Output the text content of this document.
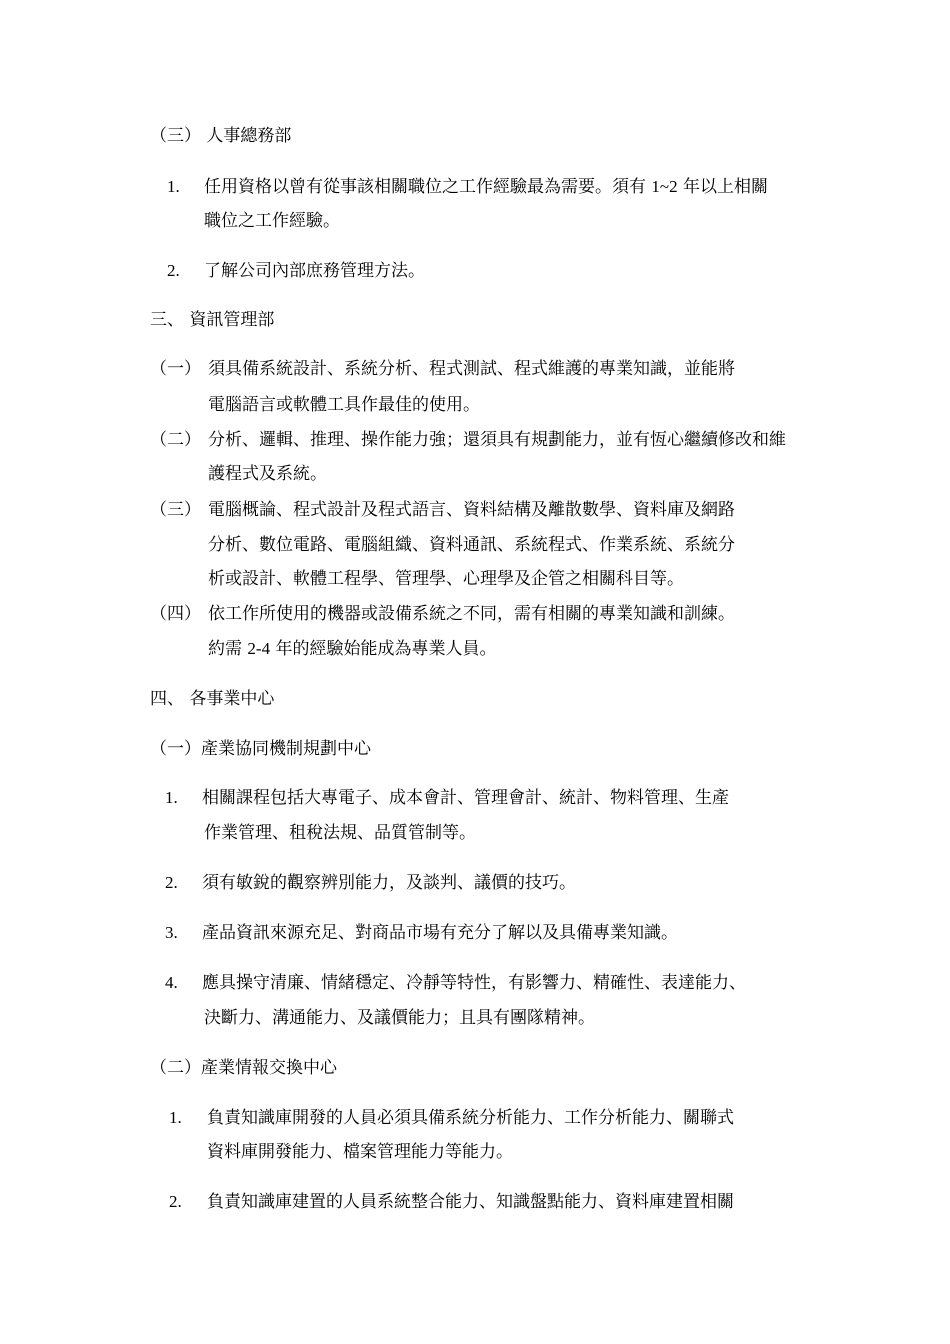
（三） 人事總務部
1. 任用資格以曾有從事該相關職位之工作經驗最為需要。須有 1~2 年以上相關
職位之工作經驗。
2. 了解公司內部庶務管理方法。
三、 資訊管理部
（一） 須具備系統設計、系統分析、程式測試、程式維護的專業知識，並能將
電腦語言或軟體工具作最佳的使用。
（二） 分析、邏輯、推理、操作能力強；還須具有規劃能力，並有恆心繼續修改和維
護程式及系統。
（三） 電腦概論、程式設計及程式語言、資料結構及離散數學、資料庫及網路
分析、數位電路、電腦組織、資料通訊、系統程式、作業系統、系統分
析或設計、軟體工程學、管理學、心理學及企管之相關科目等。
（四） 依工作所使用的機器或設備系統之不同，需有相關的專業知識和訓練。
約需 2-4 年的經驗始能成為專業人員。
四、 各事業中心
（一）產業協同機制規劃中心
1. 相關課程包括大專電子、成本會計、管理會計、統計、物料管理、生產
作業管理、租稅法規、品質管制等。
2. 須有敏銳的觀察辨別能力，及談判、議價的技巧。
3. 產品資訊來源充足、對商品市場有充分了解以及具備專業知識。
4. 應具操守清廉、情緒穩定、冷靜等特性，有影響力、精確性、表達能力、
決斷力、溝通能力、及議價能力；且具有團隊精神。
（二）產業情報交換中心
1. 負責知識庫開發的人員必須具備系統分析能力、工作分析能力、關聯式
資料庫開發能力、檔案管理能力等能力。
2. 負責知識庫建置的人員系統整合能力、知識盤點能力、資料庫建置相關
